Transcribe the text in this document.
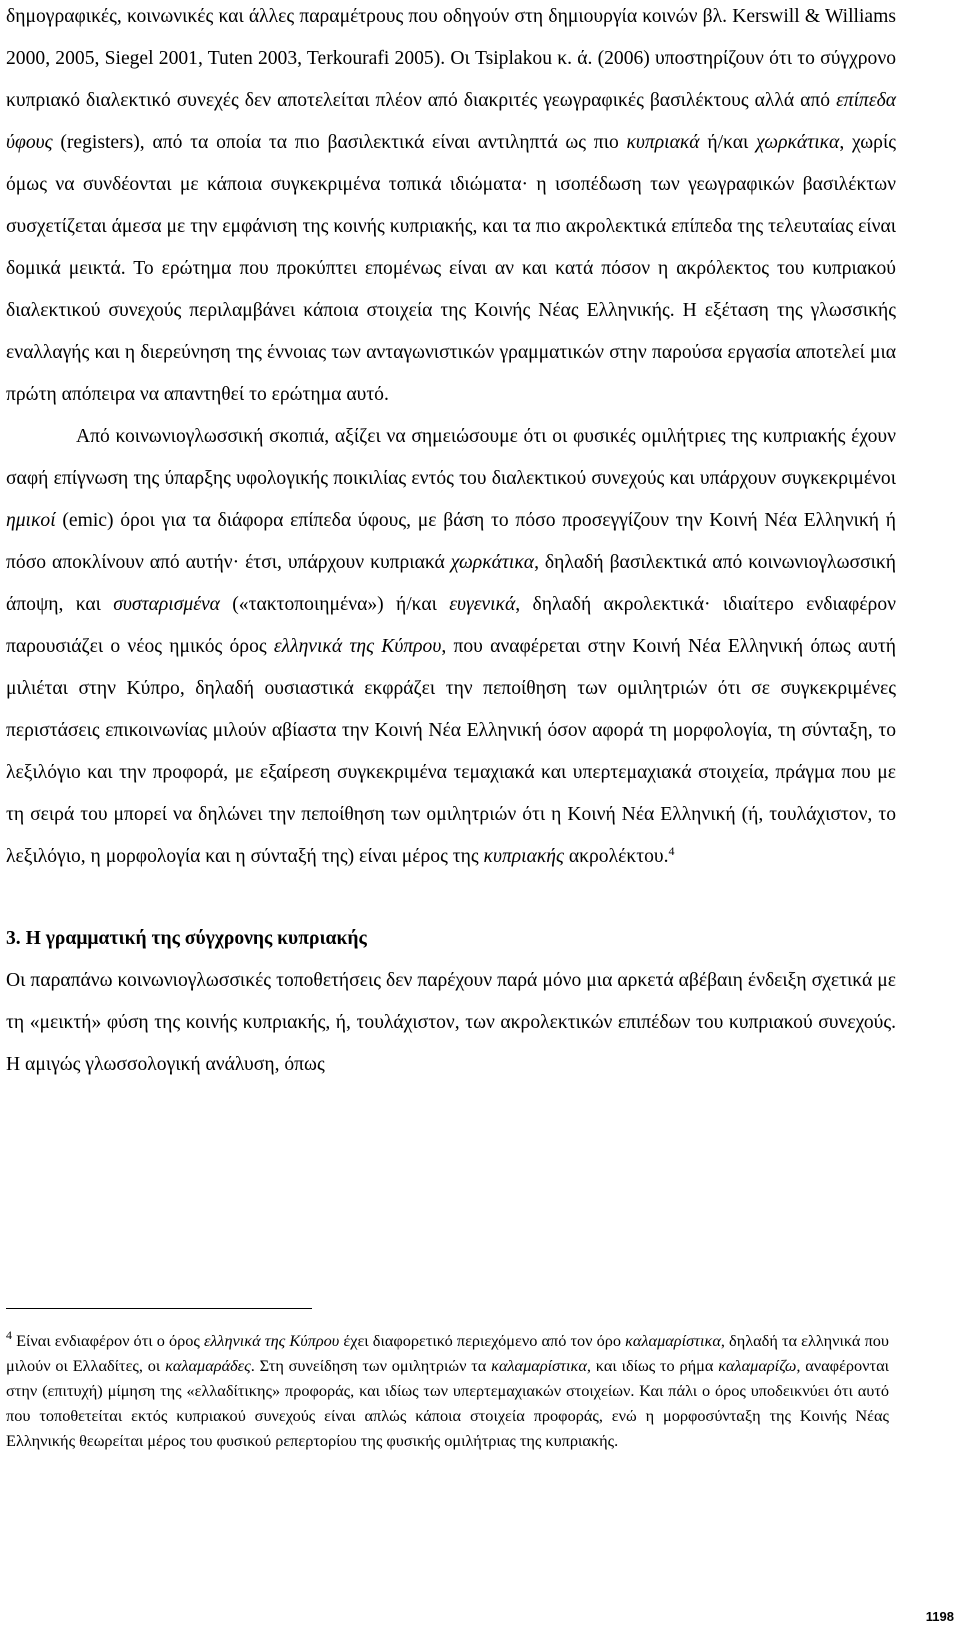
δημογραφικές, κοινωνικές και άλλες παραμέτρους που οδηγούν στη δημιουργία κοινών βλ. Kerswill & Williams 2000, 2005, Siegel 2001, Tuten 2003, Terkourafi 2005). Οι Tsiplakou κ. ά. (2006) υποστηρίζουν ότι το σύγχρονο κυπριακό διαλεκτικό συνεχές δεν αποτελείται πλέον από διακριτές γεωγραφικές βασιλέκτους αλλά από επίπεδα ύφους (registers), από τα οποία τα πιο βασιλεκτικά είναι αντιληπτά ως πιο κυπριακά ή/και χωρκάτικα, χωρίς όμως να συνδέονται με κάποια συγκεκριμένα τοπικά ιδιώματα· η ισοπέδωση των γεωγραφικών βασιλέκτων συσχετίζεται άμεσα με την εμφάνιση της κοινής κυπριακής, και τα πιο ακρολεκτικά επίπεδα της τελευταίας είναι δομικά μεικτά. Το ερώτημα που προκύπτει επομένως είναι αν και κατά πόσον η ακρόλεκτος του κυπριακού διαλεκτικού συνεχούς περιλαμβάνει κάποια στοιχεία της Κοινής Νέας Ελληνικής. Η εξέταση της γλωσσικής εναλλαγής και η διερεύνηση της έννοιας των ανταγωνιστικών γραμματικών στην παρούσα εργασία αποτελεί μια πρώτη απόπειρα να απαντηθεί το ερώτημα αυτό.

Από κοινωνιογλωσσική σκοπιά, αξίζει να σημειώσουμε ότι οι φυσικές ομιλήτριες της κυπριακής έχουν σαφή επίγνωση της ύπαρξης υφολογικής ποικιλίας εντός του διαλεκτικού συνεχούς και υπάρχουν συγκεκριμένοι ημικοί (emic) όροι για τα διάφορα επίπεδα ύφους, με βάση το πόσο προσεγγίζουν την Κοινή Νέα Ελληνική ή πόσο αποκλίνουν από αυτήν· έτσι, υπάρχουν κυπριακά χωρκάτικα, δηλαδή βασιλεκτικά από κοινωνιογλωσσική άποψη, και συσταρισμένα («τακτοποιημένα») ή/και ευγενικά, δηλαδή ακρολεκτικά· ιδιαίτερο ενδιαφέρον παρουσιάζει ο νέος ημικός όρος ελληνικά της Κύπρου, που αναφέρεται στην Κοινή Νέα Ελληνική όπως αυτή μιλιέται στην Κύπρο, δηλαδή ουσιαστικά εκφράζει την πεποίθηση των ομιλητριών ότι σε συγκεκριμένες περιστάσεις επικοινωνίας μιλούν αβίαστα την Κοινή Νέα Ελληνική όσον αφορά τη μορφολογία, τη σύνταξη, το λεξιλόγιο και την προφορά, με εξαίρεση συγκεκριμένα τεμαχιακά και υπερτεμαχιακά στοιχεία, πράγμα που με τη σειρά του μπορεί να δηλώνει την πεποίθηση των ομιλητριών ότι η Κοινή Νέα Ελληνική (ή, τουλάχιστον, το λεξιλόγιο, η μορφολογία και η σύνταξή της) είναι μέρος της κυπριακής ακρολέκτου.$^4$

3. Η γραμματική της σύγχρονης κυπριακής

Οι παραπάνω κοινωνιογλωσσικές τοποθετήσεις δεν παρέχουν παρά μόνο μια αρκετά αβέβαιη ένδειξη σχετικά με τη «μεικτή» φύση της κοινής κυπριακής, ή, τουλάχιστον, των ακρολεκτικών επιπέδων του κυπριακού συνεχούς. Η αμιγώς γλωσσολογική ανάλυση, όπως

$^4$ Είναι ενδιαφέρον ότι ο όρος ελληνικά της Κύπρου έχει διαφορετικό περιεχόμενο από τον όρο καλαμαρίστικα, δηλαδή τα ελληνικά που μιλούν οι Ελλαδίτες, οι καλαμαράδες. Στη συνείδηση των ομιλητριών τα καλαμαρίστικα, και ιδίως το ρήμα καλαμαρίζω, αναφέρονται στην (επιτυχή) μίμηση της «ελλαδίτικης» προφοράς, και ιδίως των υπερτεμαχιακών στοιχείων. Και πάλι ο όρος υποδεικνύει ότι αυτό που τοποθετείται εκτός κυπριακού συνεχούς είναι απλώς κάποια στοιχεία προφοράς, ενώ η μορφοσύνταξη της Κοινής Νέας Ελληνικής θεωρείται μέρος του φυσικού ρεπερτορίου της φυσικής ομιλήτριας της κυπριακής.

1198
